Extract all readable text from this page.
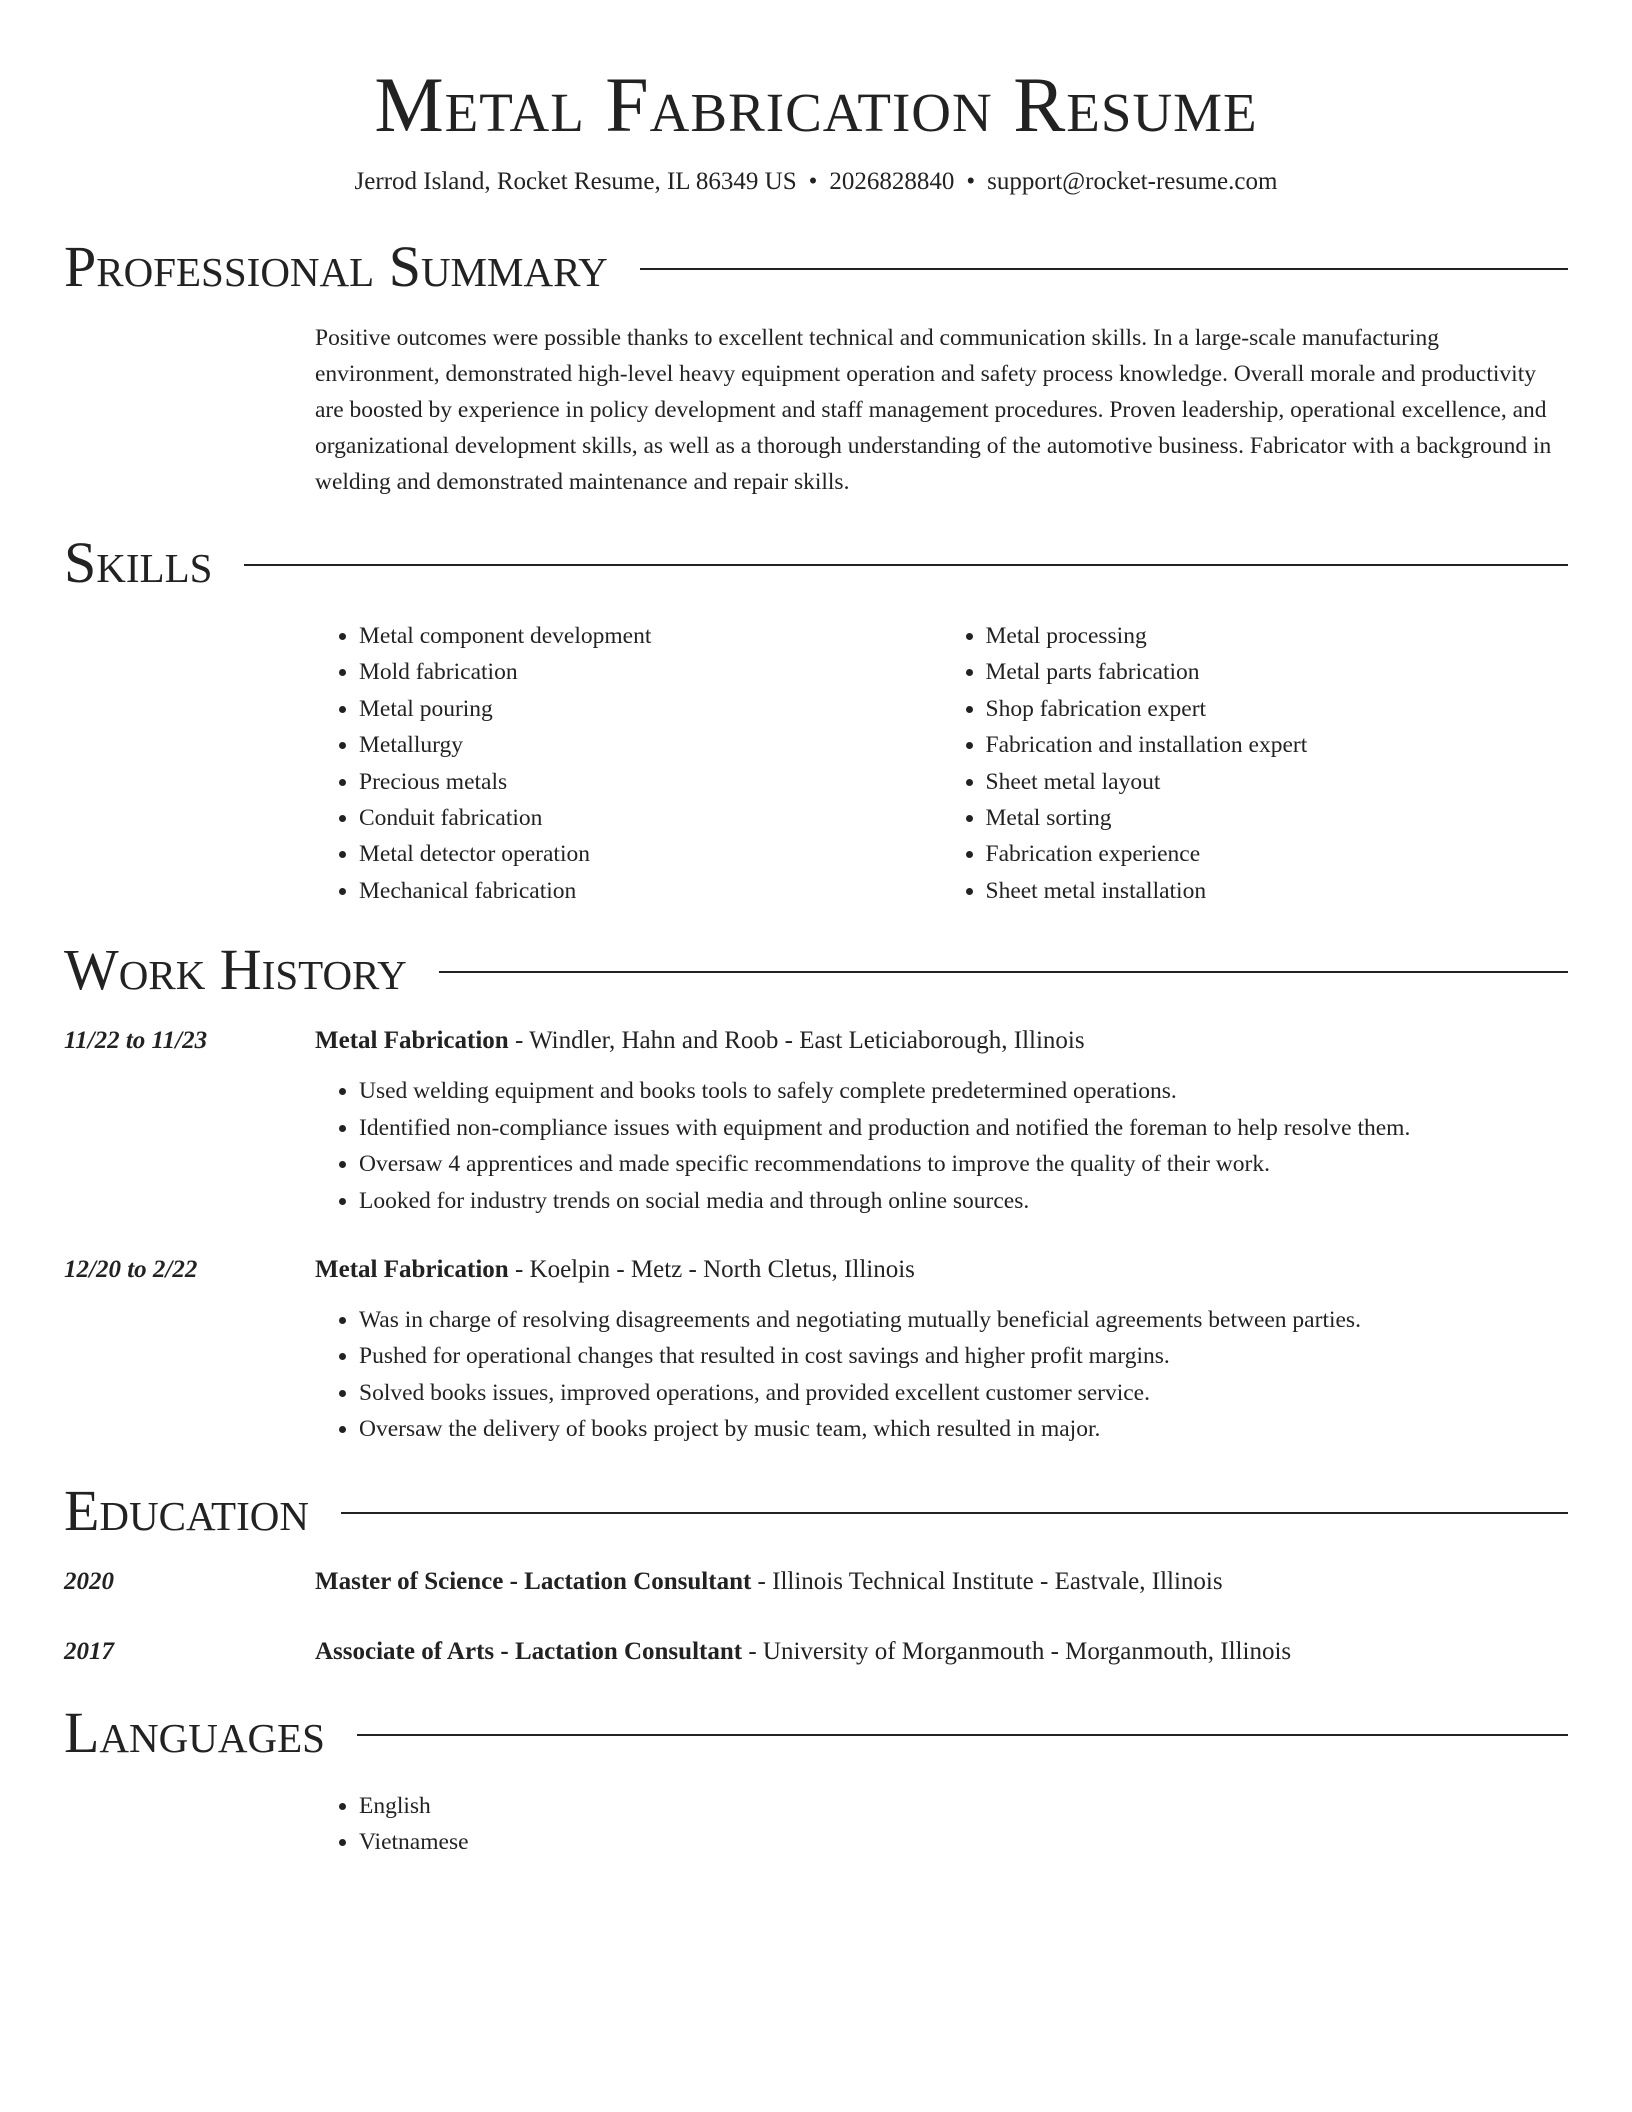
Metal Fabrication Resume
Jerrod Island, Rocket Resume, IL 86349 US • 2026828840 • support@rocket-resume.com
Professional Summary
Positive outcomes were possible thanks to excellent technical and communication skills. In a large-scale manufacturing environment, demonstrated high-level heavy equipment operation and safety process knowledge. Overall morale and productivity are boosted by experience in policy development and staff management procedures. Proven leadership, operational excellence, and organizational development skills, as well as a thorough understanding of the automotive business. Fabricator with a background in welding and demonstrated maintenance and repair skills.
Skills
• Metal component development
• Mold fabrication
• Metal pouring
• Metallurgy
• Precious metals
• Conduit fabrication
• Metal detector operation
• Mechanical fabrication
• Metal processing
• Metal parts fabrication
• Shop fabrication expert
• Fabrication and installation expert
• Sheet metal layout
• Metal sorting
• Fabrication experience
• Sheet metal installation
Work History
11/22 to 11/23	Metal Fabrication - Windler, Hahn and Roob - East Leticiaborough, Illinois
• Used welding equipment and books tools to safely complete predetermined operations.
• Identified non-compliance issues with equipment and production and notified the foreman to help resolve them.
• Oversaw 4 apprentices and made specific recommendations to improve the quality of their work.
• Looked for industry trends on social media and through online sources.
12/20 to 2/22	Metal Fabrication - Koelpin - Metz - North Cletus, Illinois
• Was in charge of resolving disagreements and negotiating mutually beneficial agreements between parties.
• Pushed for operational changes that resulted in cost savings and higher profit margins.
• Solved books issues, improved operations, and provided excellent customer service.
• Oversaw the delivery of books project by music team, which resulted in major.
Education
2020	Master of Science - Lactation Consultant - Illinois Technical Institute - Eastvale, Illinois
2017	Associate of Arts - Lactation Consultant - University of Morganmouth - Morganmouth, Illinois
Languages
• English
• Vietnamese
